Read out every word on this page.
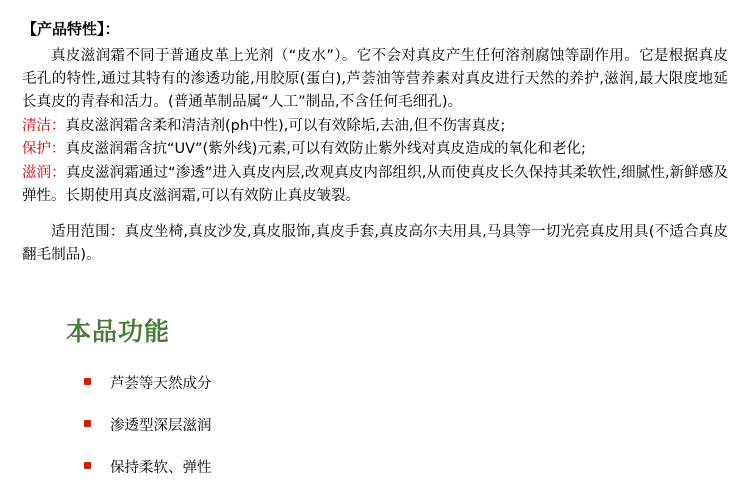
【产品特性】：

真皮滋润霜不同于普通皮革上光剂（“皮水”）。它不会对真皮产生任何溶剂腐蚀等副作用。它是根据真皮毛孔的特性,通过其特有的渗透功能,用胶原(蛋白),芦荟油等营养素对真皮进行天然的养护,滋润,最大限度地延长真皮的青春和活力。(普通革制品属“人工”制品,不含任何毛细孔)。

清洁：真皮滋润霜含柔和清洁剂(ph中性),可以有效除垢,去油,但不伤害真皮;

保护：真皮滋润霜含抗“UV”(紫外线)元素,可以有效防止紫外线对真皮造成的氧化和老化;

滋润：真皮滋润霜通过“渗透”进入真皮内层,改观真皮内部组织,从而使真皮长久保持其柔软性,细腻性,新鲜感及弹性。长期使用真皮滋润霜,可以有效防止真皮皱裂。

适用范围：真皮坐椅,真皮沙发,真皮服饰,真皮手套,真皮高尔夫用具,马具等一切光亮真皮用具(不适合真皮翻毛制品)。

本品功能
芦荟等天然成分
渗透型深层滋润
保持柔软、弹性
